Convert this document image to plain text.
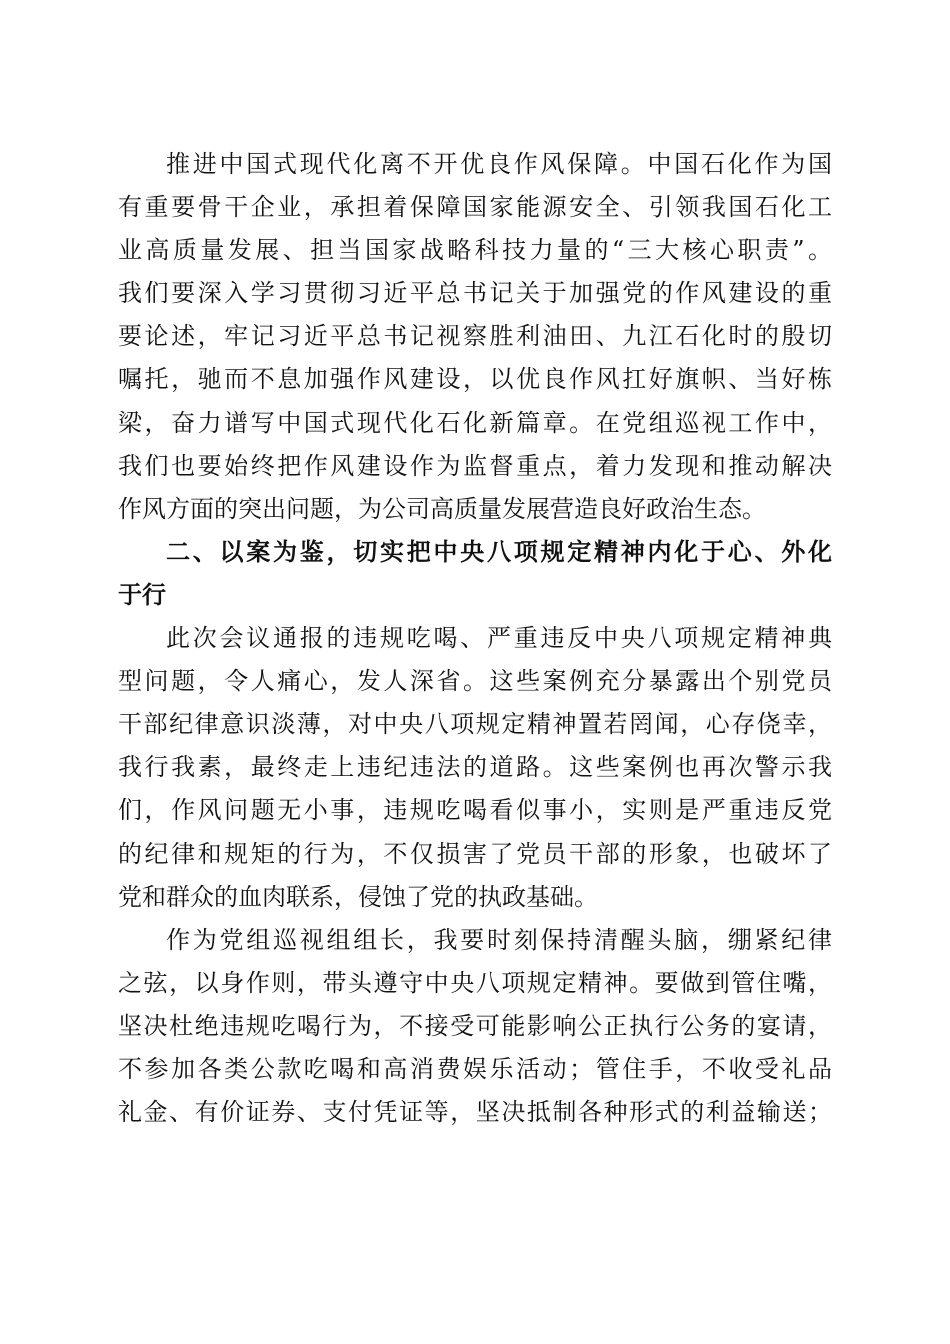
推进中国式现代化离不开优良作风保障。中国石化作为国
有重要骨干企业，承担着保障国家能源安全、引领我国石化工
业高质量发展、担当国家战略科技力量的“三大核心职责”。
我们要深入学习贯彻习近平总书记关于加强党的作风建设的重
要论述，牢记习近平总书记视察胜利油田、九江石化时的殷切
嘱托，驰而不息加强作风建设，以优良作风扛好旗帜、当好栋
梁，奋力谱写中国式现代化石化新篇章。在党组巡视工作中，
我们也要始终把作风建设作为监督重点，着力发现和推动解决
作风方面的突出问题，为公司高质量发展营造良好政治生态。
二、以案为鉴，切实把中央八项规定精神内化于心、外化
于行
此次会议通报的违规吃喝、严重违反中央八项规定精神典
型问题，令人痛心，发人深省。这些案例充分暴露出个别党员
干部纪律意识淡薄，对中央八项规定精神置若罔闻，心存侥幸，
我行我素，最终走上违纪违法的道路。这些案例也再次警示我
们，作风问题无小事，违规吃喝看似事小，实则是严重违反党
的纪律和规矩的行为，不仅损害了党员干部的形象，也破坏了
党和群众的血肉联系，侵蚀了党的执政基础。
作为党组巡视组组长，我要时刻保持清醒头脑，绷紧纪律
之弦，以身作则，带头遵守中央八项规定精神。要做到管住嘴，
坚决杜绝违规吃喝行为，不接受可能影响公正执行公务的宴请，
不参加各类公款吃喝和高消费娱乐活动；管住手，不收受礼品
礼金、有价证券、支付凭证等，坚决抵制各种形式的利益输送；
